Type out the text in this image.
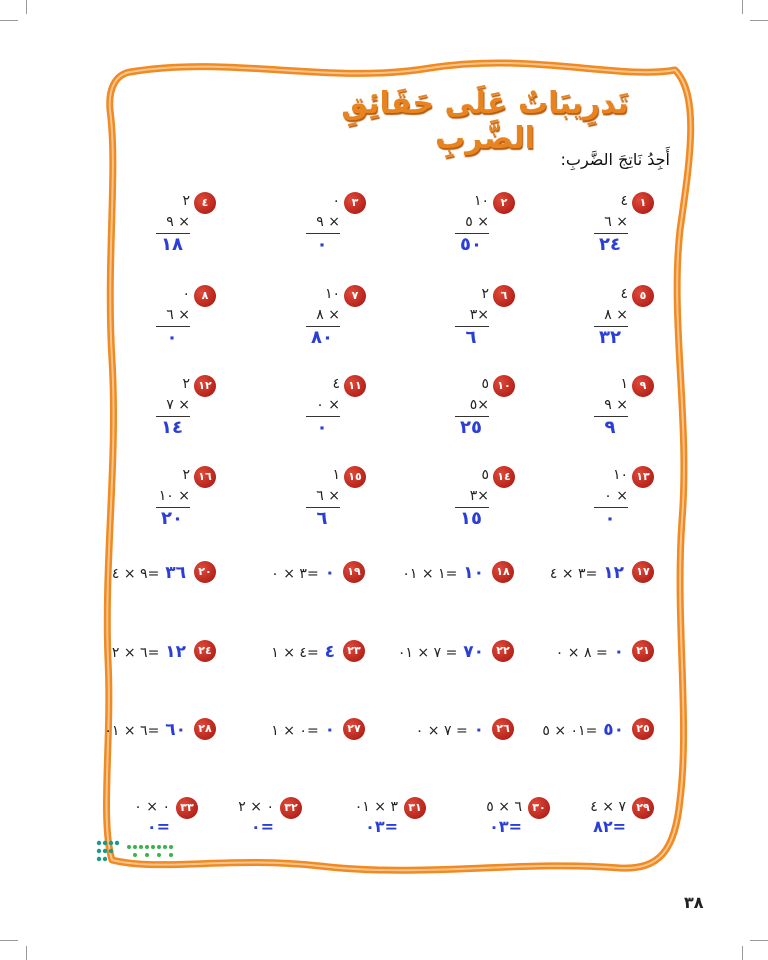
تَدرِيبَاتٌ عَلَى حَقَائِقِ الضَّربِ
أَجِدُ نَاتِجَ الضَّربِ:
١
٤
٦ ×
٢٤
٢
١٠
٥ ×
٥٠
٣
٠
٩ ×
٠
٤
٢
٩ ×
١٨
٥
٤
٨ ×
٣٢
٦
٢
٣×
٦
٧
١٠
٨ ×
٨٠
٨
٠
٦ ×
٠
٩
١
٩ ×
٩
١٠
٥
٥×
٢٥
١١
٤
٠ ×
٠
١٢
٢
٧ ×
١٤
١٣
١٠
٠ ×
٠
١٤
٥
٣×
١٥
١٥
١
٦ ×
٦
١٦
٢
١٠ ×
٢٠
١٧
١٢ =٣ × ٤
١٨
١٠ =١ × ٠١
١٩
٠ =٣ × ٠
٢٠
٣٦ =٩ × ٤
٢١
٠ = ٨ × ٠
٢٢
٧٠ = ٧ × ٠١
٢٣
٤ =٤ × ١
٢٤
١٢ =٦ × ٢
٢٥
٥٠ =٠١ × ٥
٢٦
٠ = ٧ × ٠
٢٧
٠ =٠ × ١
٢٨
٦٠ =٦ × ٠١
٢٩
٧ × ٤
٨٢=
٣٠
٦ × ٥
٠٣=
٣١
٣ × ٠١
٠٣=
٣٢
٠ × ٢
٠=
٣٣
٠ × ٠
٠=
٣٨
